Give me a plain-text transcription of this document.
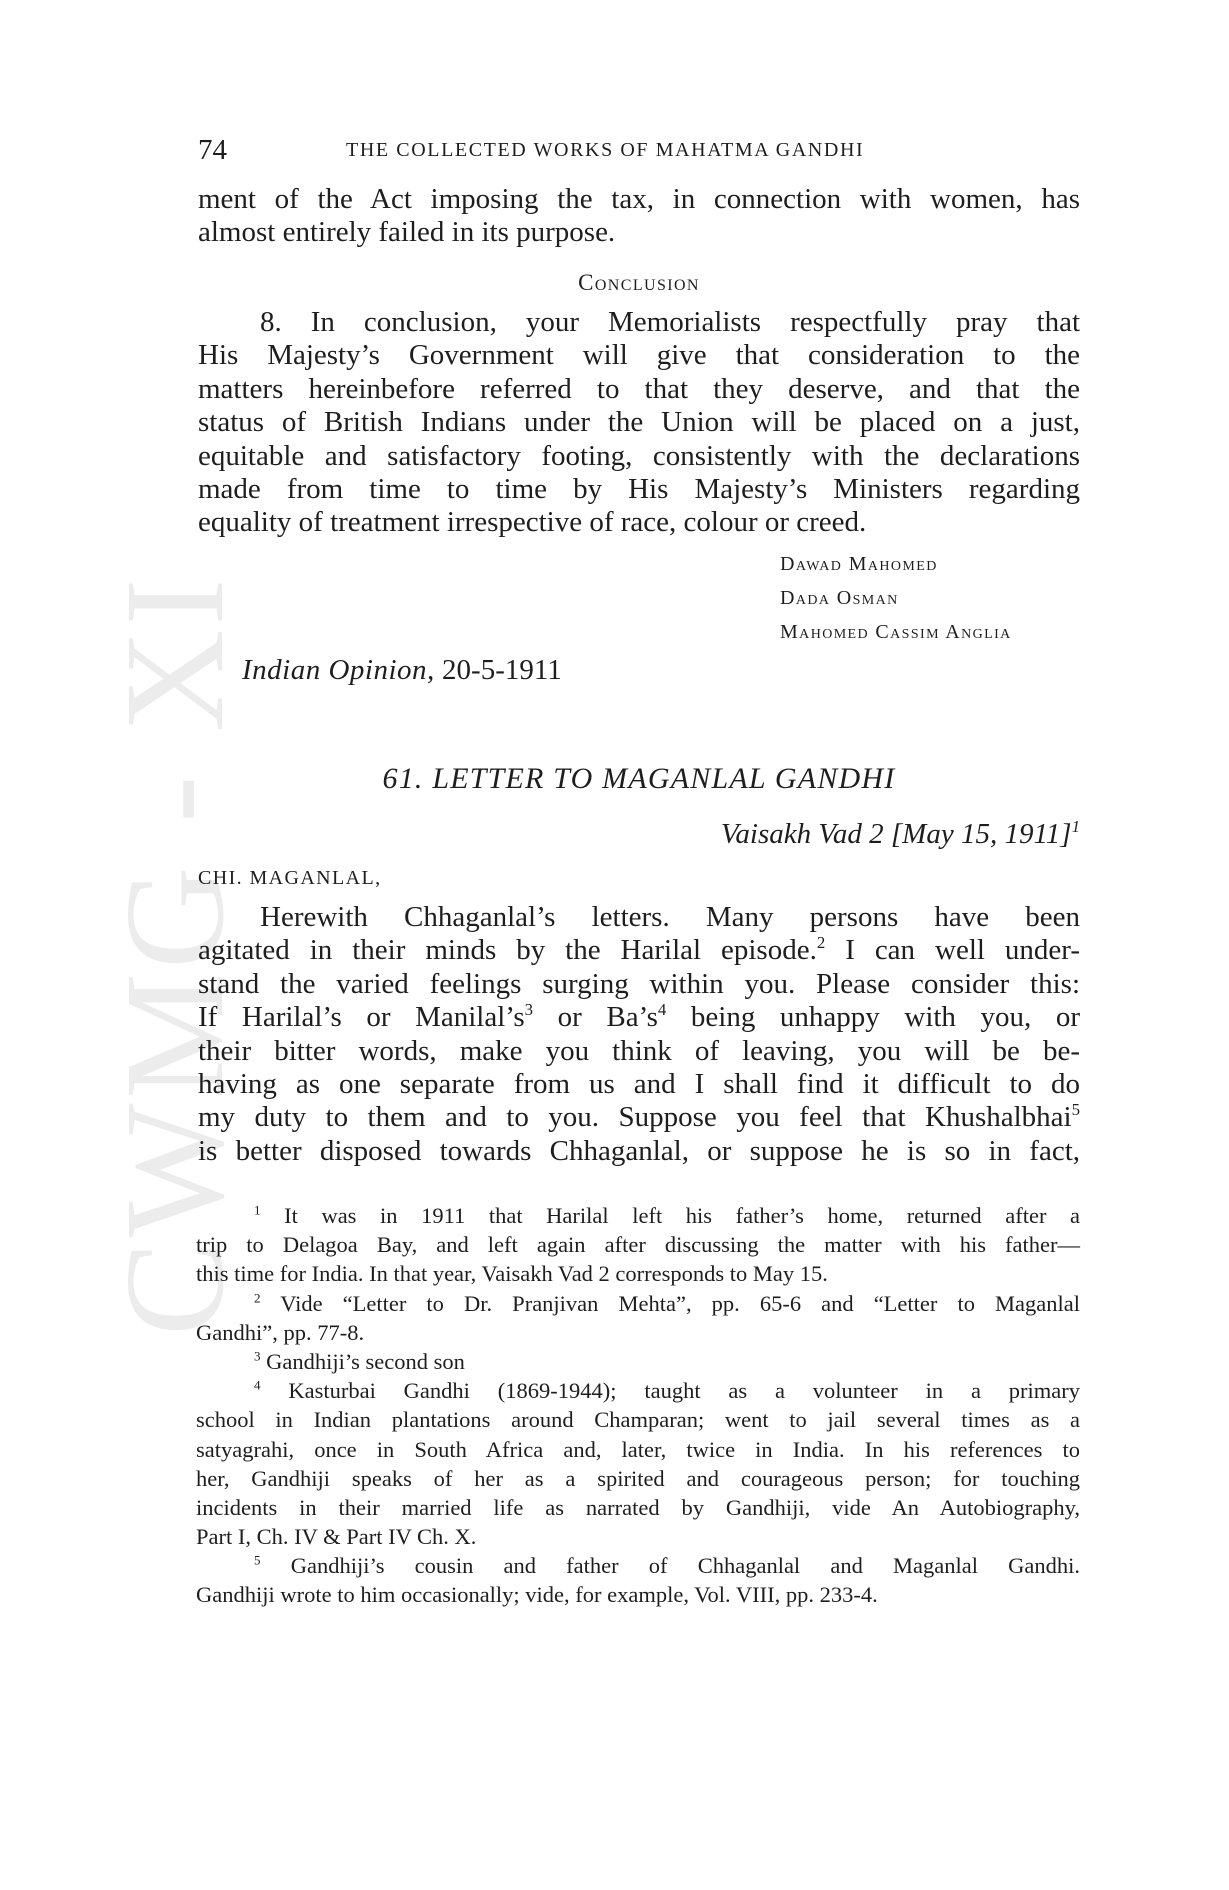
CWMG - XI
74	THE COLLECTED WORKS OF MAHATMA GANDHI
ment of the Act imposing the tax, in connection with women, has
almost entirely failed in its purpose.
Conclusion
8. In conclusion, your Memorialists respectfully pray that
His Majesty’s Government will give that consideration to the
matters hereinbefore referred to that they deserve, and that the
status of British Indians under the Union will be placed on a just,
equitable and satisfactory footing, consistently with the declarations
made from time to time by His Majesty’s Ministers regarding
equality of treatment irrespective of race, colour or creed.
Dawad Mahomed
Dada Osman
Mahomed Cassim Anglia
Indian Opinion, 20-5-1911
61. LETTER TO MAGANLAL GANDHI
Vaisakh Vad 2 [May 15, 1911]$^1$
CHI. MAGANLAL,
Herewith Chhaganlal’s letters. Many persons have been
agitated in their minds by the Harilal episode.$^2$ I can well under-
stand the varied feelings surging within you. Please consider this:
If Harilal’s or $Manilal’s^3$ or $Ba’s^4$ being unhappy with you, or
their bitter words, make you think of leaving, you will be be-
having as one separate from us and I shall find it difficult to do
my duty to them and to you. Suppose you feel that Khushalbhai$^5$
is better disposed towards Chhaganlal, or suppose he is so in fact,
$^1$ It was in 1911 that Harilal left his father’s home, returned after a
trip to Delagoa Bay, and left again after discussing the matter with his father—
this time for India. In that year, Vaisakh Vad 2 corresponds to May 15.
$^2$ Vide “Letter to Dr. Pranjivan Mehta”, pp. 65-6 and “Letter to Maganlal
Gandhi”, pp. 77-8.
$^3$ Gandhiji’s second son
$^4$ Kasturbai Gandhi (1869-1944); taught as a volunteer in a primary
school in Indian plantations around Champaran; went to jail several times as a
satyagrahi, once in South Africa and, later, twice in India. In his references to
her, Gandhiji speaks of her as a spirited and courageous person; for touching
incidents in their married life as narrated by Gandhiji, vide An Autobiography,
Part I, Ch. IV & Part IV Ch. X.
$^5$ Gandhiji’s cousin and father of Chhaganlal and Maganlal Gandhi.
Gandhiji wrote to him occasionally; vide, for example, Vol. VIII, pp. 233-4.
